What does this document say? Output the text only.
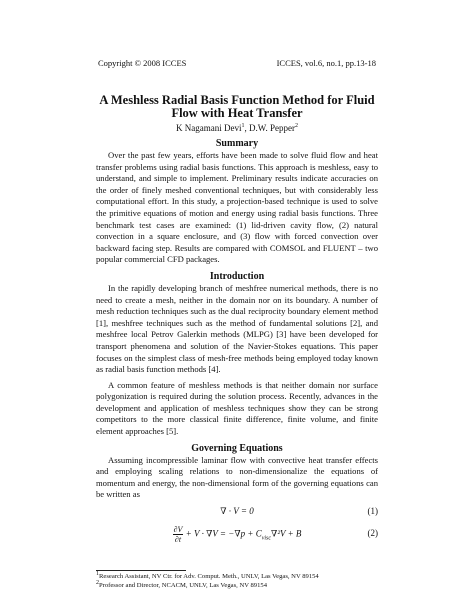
Copyright © 2008 ICCES	ICCES, vol.6, no.1, pp.13-18
A Meshless Radial Basis Function Method for Fluid Flow with Heat Transfer
K Nagamani Devi$^1$, D.W. Pepper$^2$
Summary

Over the past few years, efforts have been made to solve fluid flow and heat transfer problems using radial basis functions. This approach is meshless, easy to understand, and simple to implement. Preliminary results indicate accuracies on the order of finely meshed conventional techniques, but with considerably less computational effort. In this study, a projection-based technique is used to solve the primitive equations of motion and energy using radial basis functions. Three benchmark test cases are examined: (1) lid-driven cavity flow, (2) natural convection in a square enclosure, and (3) flow with forced convection over backward facing step. Results are compared with COMSOL and FLUENT – two popular commercial CFD packages.

Introduction

In the rapidly developing branch of meshfree numerical methods, there is no need to create a mesh, neither in the domain nor on its boundary. A number of mesh reduction techniques such as the dual reciprocity boundary element method [1], meshfree techniques such as the method of fundamental solutions [2], and meshfree local Petrov Galerkin methods (MLPG) [3] have been developed for transport phenomena and solution of the Navier-Stokes equations. This paper focuses on the simplest class of mesh-free methods being employed today known as radial basis function methods [4].

A common feature of meshless methods is that neither domain nor surface polygonization is required during the solution process. Recently, advances in the development and application of meshless techniques show they can be strong competitors to the more classical finite difference, finite volume, and finite element approaches [5].

Governing Equations

Assuming incompressible laminar flow with convective heat transfer effects and employing scaling relations to non-dimensionalize the equations of momentum and energy, the non-dimensional form of the governing equations can be written as

∇ · V = 0	(1)
$\frac{\partial V}{\partial t} + V \cdot \nabla V = -\nabla p + C_{visc}\nabla^2V + B$	(2)
$^1$Research Assistant, NV Ctr. for Adv. Comput. Meth., UNLV, Las Vegas, NV 89154
$^2$Professor and Director, NCACM, UNLV, Las Vegas, NV 89154
